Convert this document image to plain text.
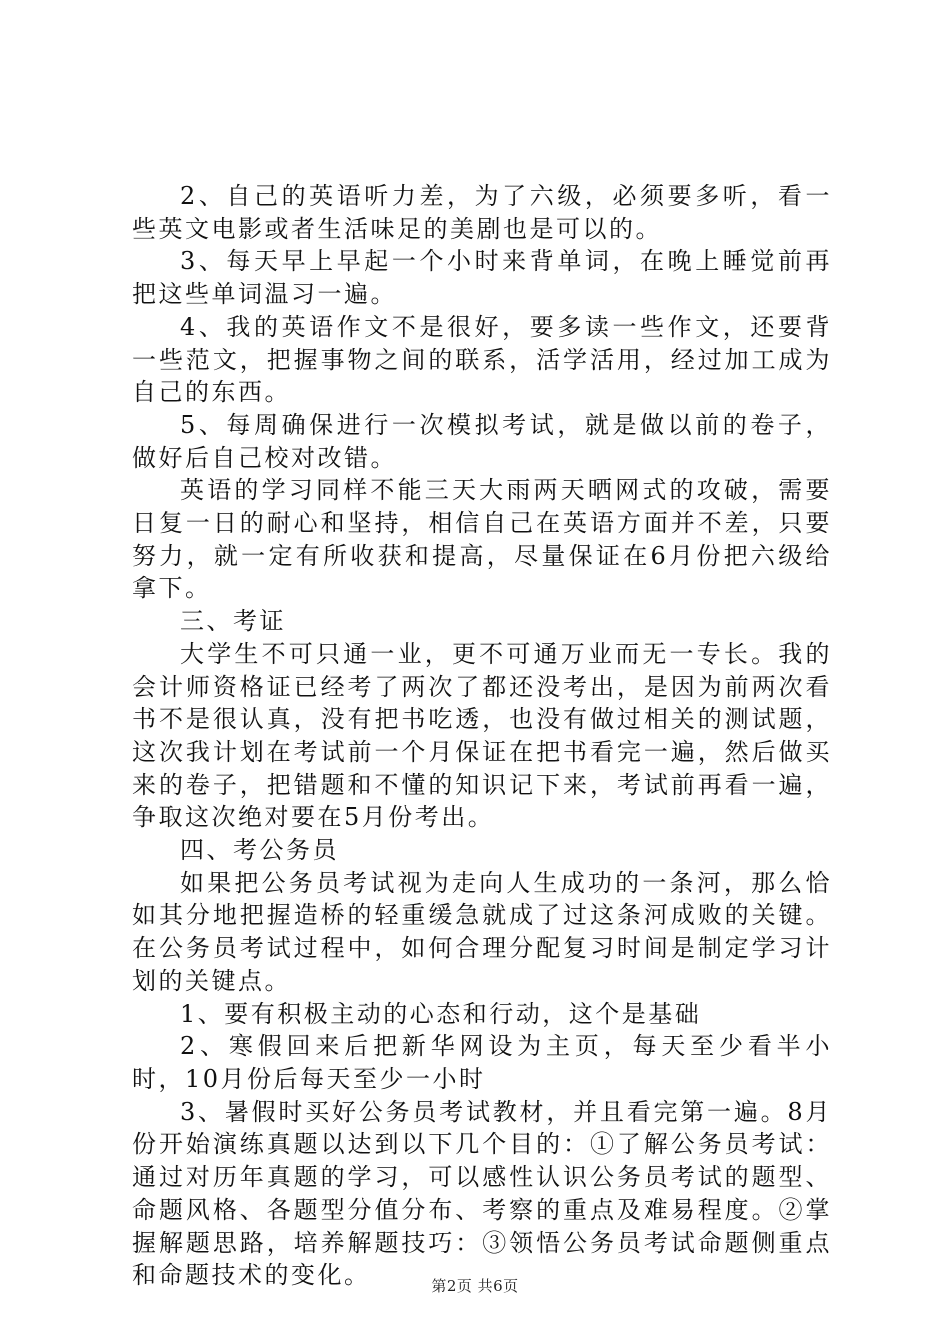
2、自己的英语听力差，为了六级，必须要多听，看一些英文电影或者生活味足的美剧也是可以的。

3、每天早上早起一个小时来背单词，在晚上睡觉前再把这些单词温习一遍。

4、我的英语作文不是很好，要多读一些作文，还要背一些范文，把握事物之间的联系，活学活用，经过加工成为自己的东西。

5、每周确保进行一次模拟考试，就是做以前的卷子，做好后自己校对改错。

英语的学习同样不能三天大雨两天晒网式的攻破，需要日复一日的耐心和坚持，相信自己在英语方面并不差，只要努力，就一定有所收获和提高，尽量保证在6月份把六级给拿下。

三、考证

大学生不可只通一业，更不可通万业而无一专长。我的会计师资格证已经考了两次了都还没考出，是因为前两次看书不是很认真，没有把书吃透，也没有做过相关的测试题，这次我计划在考试前一个月保证在把书看完一遍，然后做买来的卷子，把错题和不懂的知识记下来，考试前再看一遍，争取这次绝对要在5月份考出。

四、考公务员

如果把公务员考试视为走向人生成功的一条河，那么恰如其分地把握造桥的轻重缓急就成了过这条河成败的关键。在公务员考试过程中，如何合理分配复习时间是制定学习计划的关键点。

1、要有积极主动的心态和行动，这个是基础

2、寒假回来后把新华网设为主页，每天至少看半小时，10月份后每天至少一小时

3、暑假时买好公务员考试教材，并且看完第一遍。8月份开始演练真题以达到以下几个目的：①了解公务员考试：通过对历年真题的学习，可以感性认识公务员考试的题型、命题风格、各题型分值分布、考察的重点及难易程度。②掌握解题思路，培养解题技巧：③领悟公务员考试命题侧重点和命题技术的变化。	第2页 共6页
